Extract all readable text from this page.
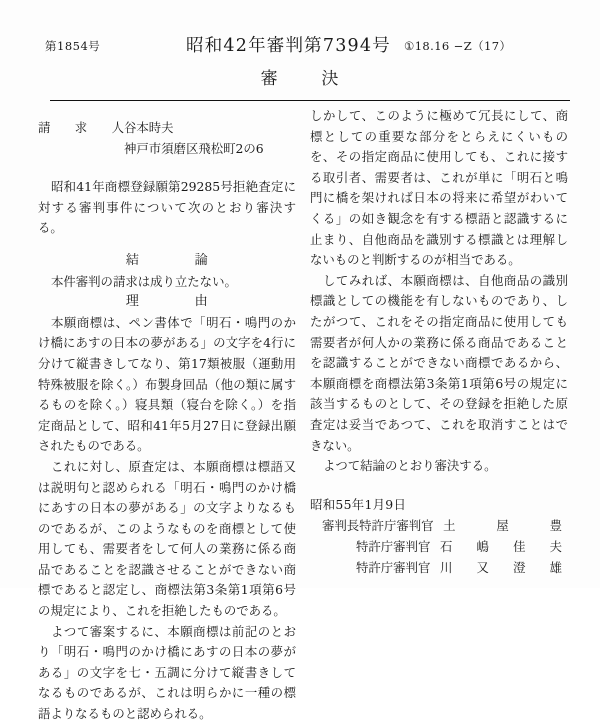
第1854号	昭和42年審判第7394号 ①18.16 −Z（17）
審	決
請 求 人 谷本時夫
神戸市須磨区飛松町2の6

昭和41年商標登録願第29285号拒絶査定に対する審判事件について次のとおり審決する。

結	論

本件審判の請求は成り立たない。

理	由

本願商標は、ペン書体で「明石・鳴門のかけ橋にあすの日本の夢がある」の文字を4行に分けて縦書きしてなり、第17類被服（運動用特殊被服を除く。）布製身回品（他の類に属するものを除く。）寝具類（寝台を除く。）を指定商品として、昭和41年5月27日に登録出願されたものである。

これに対し、原査定は、本願商標は標語又は説明句と認められる「明石・鳴門のかけ橋にあすの日本の夢がある」の文字よりなるものであるが、このようなものを商標として使用しても、需要者をして何人の業務に係る商品であることを認識させることができない商標であると認定し、商標法第3条第1項第6号の規定により、これを拒絶したものである。

よつて審案するに、本願商標は前記のとおり「明石・鳴門のかけ橋にあすの日本の夢がある」の文字を七・五調に分けて縦書きしてなるものであるが、これは明らかに一種の標語よりなるものと認められる。

しかして、このように極めて冗長にして、商標としての重要な部分をとらえにくいものを、その指定商品に使用しても、これに接する取引者、需要者は、これが単に「明石と鳴門に橋を架ければ日本の将来に希望がわいてくる」の如き観念を有する標語と認識するに止まり、自他商品を識別する標識とは理解しないものと判断するのが相当である。

してみれば、本願商標は、自他商品の識別標識としての機能を有しないものであり、したがつて、これをその指定商品に使用しても需要者が何人かの業務に係る商品であることを認識することができない商標であるから、本願商標を商標法第3条第1項第6号の規定に該当するものとして、その登録を拒絶した原査定は妥当であつて、これを取消すことはできない。

よつて結論のとおり審決する。

昭和55年1月9日
審判長 特許庁審判官 土	屋	豊
特許庁審判官 石 嶋 佳 夫
特許庁審判官 川 又 澄 雄
